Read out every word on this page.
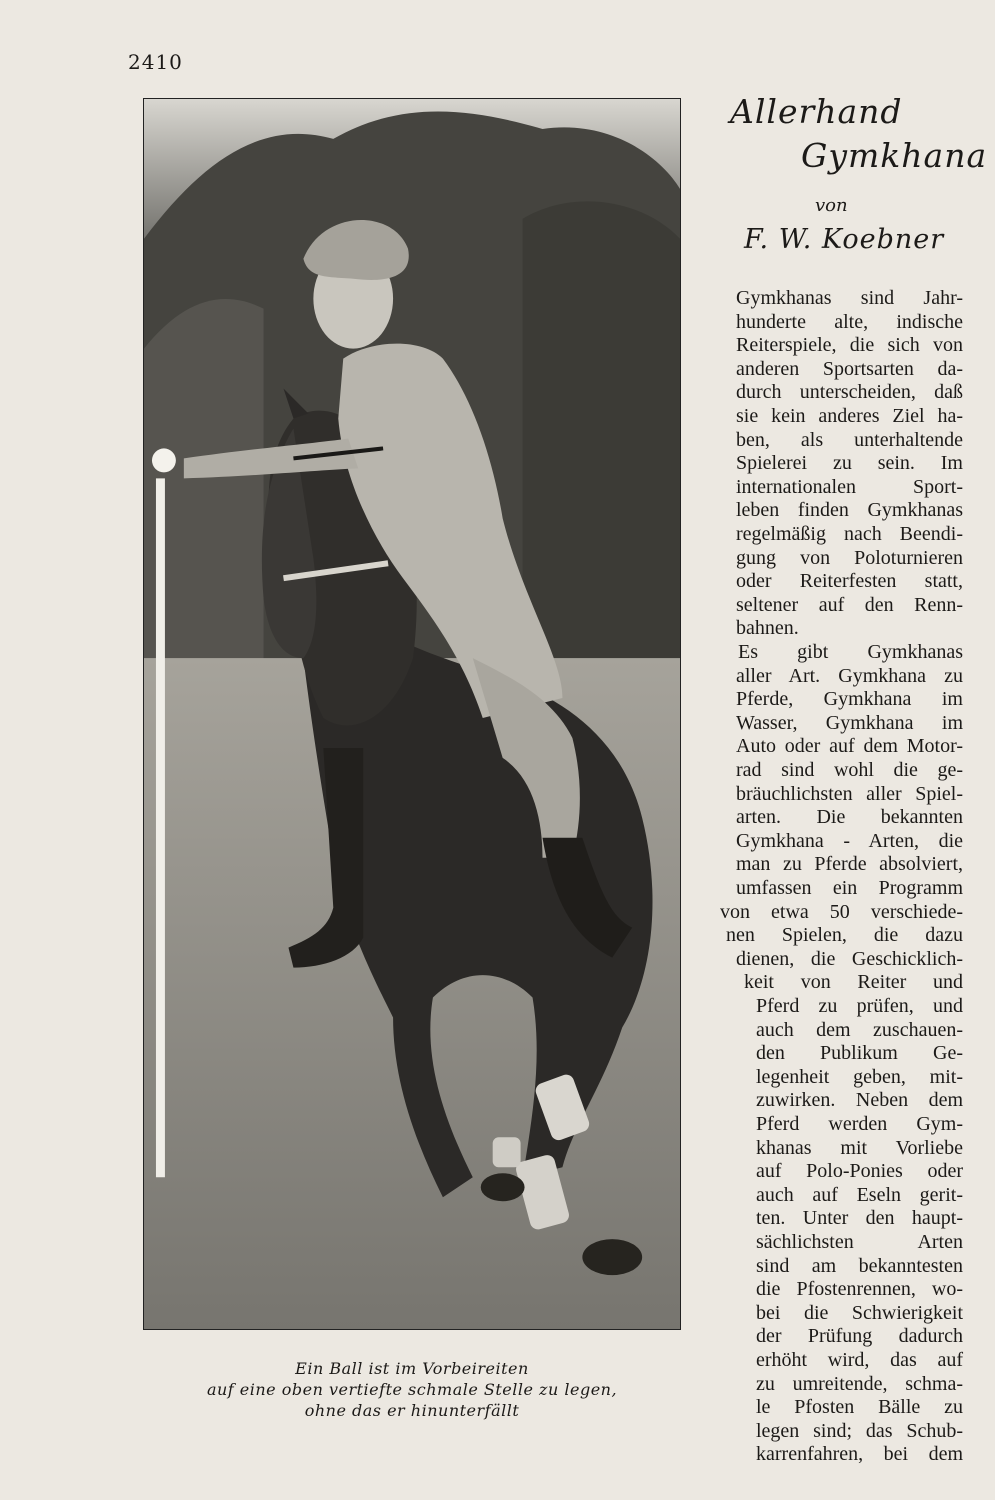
2410
Ein Ball ist im Vorbeireiten
auf eine oben vertiefte schmale Stelle zu legen,
ohne das er hinunterfällt
Allerhand
Gymkhana
von
F. W. Koebner
Gymkhanas sind Jahr-
hunderte alte, indische
Reiterspiele, die sich von
anderen Sportsarten da-
durch unterscheiden, daß
sie kein anderes Ziel ha-
ben, als unterhaltende
Spielerei zu sein. Im
internationalen Sport-
leben finden Gymkhanas
regelmäßig nach Beendi-
gung von Poloturnieren
oder Reiterfesten statt,
seltener auf den Renn-
bahnen.
Es gibt Gymkhanas
aller Art. Gymkhana zu
Pferde, Gymkhana im
Wasser, Gymkhana im
Auto oder auf dem Motor-
rad sind wohl die ge-
bräuchlichsten aller Spiel-
arten. Die bekannten
Gymkhana - Arten, die
man zu Pferde absolviert,
umfassen ein Programm
von etwa 50 verschiede-
nen Spielen, die dazu
dienen, die Geschicklich-
keit von Reiter und
Pferd zu prüfen, und
auch dem zuschauen-
den Publikum Ge-
legenheit geben, mit-
zuwirken. Neben dem
Pferd werden Gym-
khanas mit Vorliebe
auf Polo-Ponies oder
auch auf Eseln gerit-
ten. Unter den haupt-
sächlichsten Arten
sind am bekanntesten
die Pfostenrennen, wo-
bei die Schwierigkeit
der Prüfung dadurch
erhöht wird, das auf
zu umreitende, schma-
le Pfosten Bälle zu
legen sind; das Schub-
karrenfahren, bei dem
